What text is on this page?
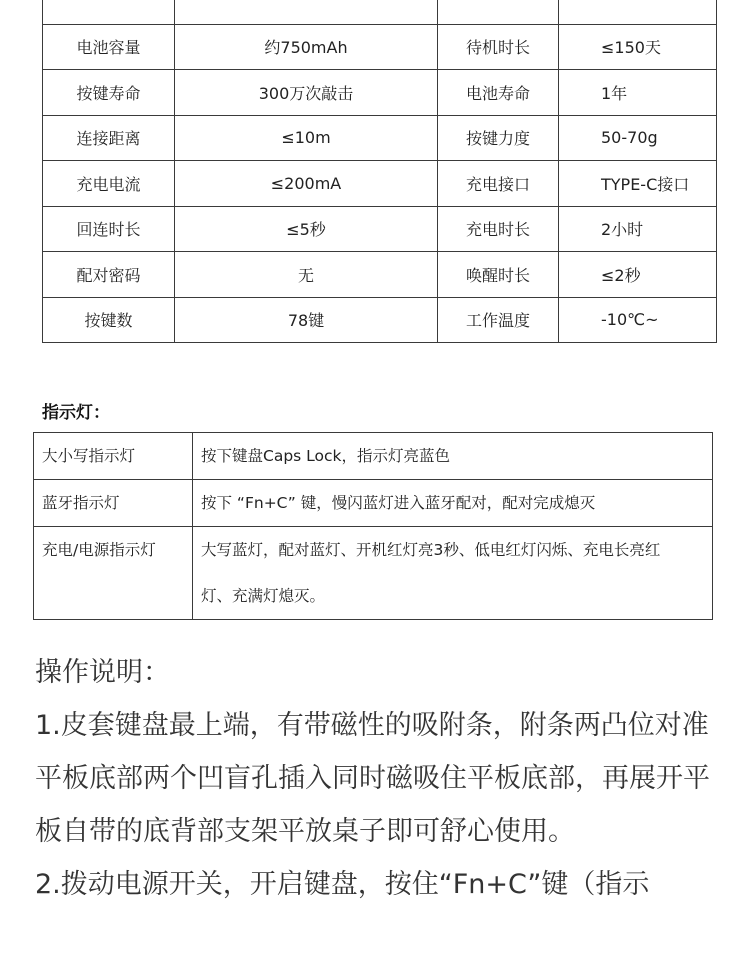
电池容量	约750mAh	待机时长	≤150天
按键寿命	300万次敲击	电池寿命	1年
连接距离	≤10m	按键力度	50-70g
充电电流	≤200mA	充电接口	TYPE-C接口
回连时长	≤5秒	充电时长	2小时
配对密码	无	唤醒时长	≤2秒
按键数	78键	工作温度	-10℃~
指示灯：
大小写指示灯	按下键盘Caps Lock，指示灯亮蓝色
蓝牙指示灯	按下 “Fn+C” 键，慢闪蓝灯进入蓝牙配对，配对完成熄灭
充电/电源指示灯	大写蓝灯，配对蓝灯、开机红灯亮3秒、低电红灯闪烁、充电长亮红灯、充满灯熄灭。

操作说明：

1.皮套键盘最上端，有带磁性的吸附条，附条两凸位对准平板底部两个凹盲孔插入同时磁吸住平板底部，再展开平板自带的底背部支架平放桌子即可舒心使用。

2.拨动电源开关，开启键盘，按住“Fn+C”键（指示
